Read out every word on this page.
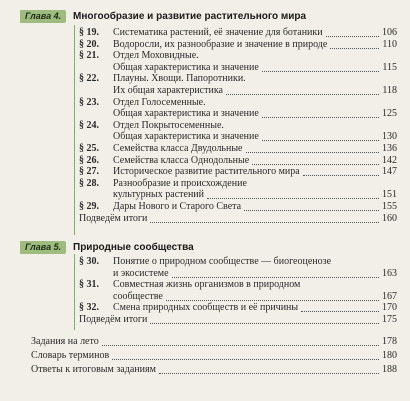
Глава 4.	Многообразие и развитие растительного мира
§ 19. Систематика растений, её значение для ботаники	106
§ 20. Водоросли, их разнообразие и значение в природе	110
§ 21. Отдел Моховидные.
Общая характеристика и значение	115
§ 22. Плауны. Хвощи. Папоротники.
Их общая характеристика	118
§ 23. Отдел Голосеменные.
Общая характеристика и значение	125
§ 24. Отдел Покрытосеменные.
Общая характеристика и значение	130
§ 25. Семейства класса Двудольные	136
§ 26. Семейства класса Однодольные	142
§ 27. Историческое развитие растительного мира	147
§ 28. Разнообразие и происхождение
культурных растений	151
§ 29. Дары Нового и Старого Света	155
Подведём итоги	160
Глава 5.	Природные сообщества
§ 30. Понятие о природном сообществе — биогеоценозе
и экосистеме	163
§ 31. Совместная жизнь организмов в природном
сообществе	167
§ 32. Смена природных сообществ и её причины	170
Подведём итоги	175
Задания на лето	178
Словарь терминов	180
Ответы к итоговым заданиям	188
